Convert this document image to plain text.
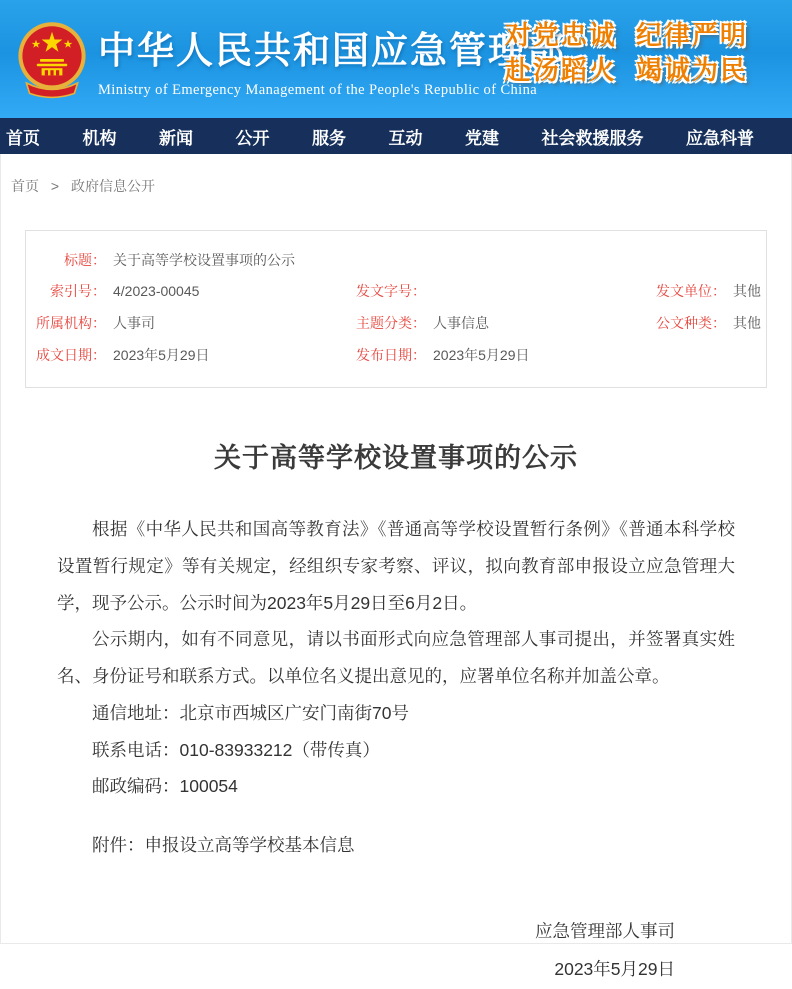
中华人民共和国应急管理部
Ministry of Emergency Management of the People's Republic of China
对党忠诚 纪律严明
赴汤蹈火 竭诚为民
首页	机构	新闻	公开	服务	互动	党建	社会救援服务	应急科普
首页 > 政府信息公开
标题： 关于高等学校设置事项的公示
索引号： 4/2023-00045	发文字号：	发文单位： 其他
所属机构： 人事司	主题分类： 人事信息	公文种类： 其他
成文日期： 2023年5月29日	发布日期： 2023年5月29日
关于高等学校设置事项的公示

根据《中华人民共和国高等教育法》《普通高等学校设置暂行条例》《普通本科学校设置暂行规定》等有关规定，经组织专家考察、评议，拟向教育部申报设立应急管理大学，现予公示。公示时间为2023年5月29日至6月2日。

公示期内，如有不同意见，请以书面形式向应急管理部人事司提出，并签署真实姓名、身份证号和联系方式。以单位名义提出意见的，应署单位名称并加盖公章。

通信地址：北京市西城区广安门南街70号
联系电话：010-83933212（带传真）
邮政编码：100054
附件：申报设立高等学校基本信息
应急管理部人事司
2023年5月29日
